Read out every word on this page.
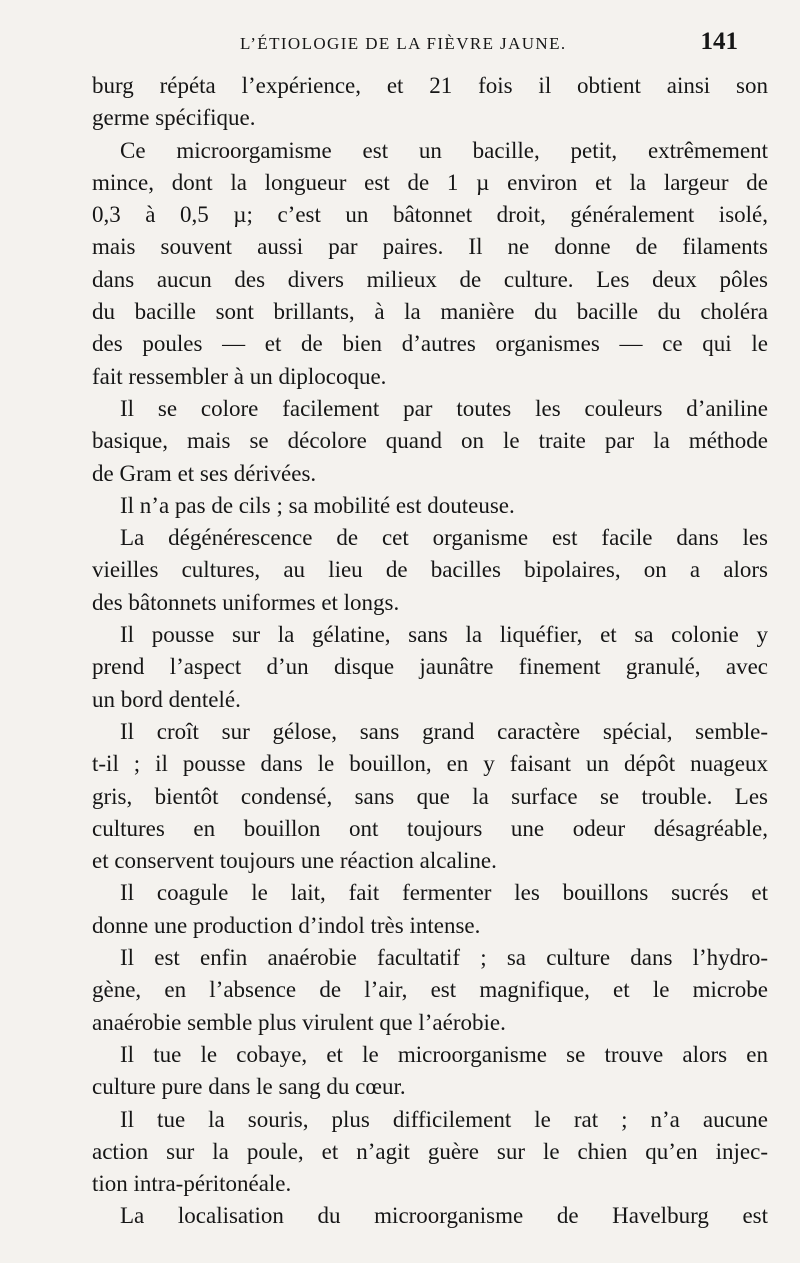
L’ÉTIOLOGIE DE LA FIÈVRE JAUNE.	141
burg répéta l’expérience, et 21 fois il obtient ainsi son
germe spécifique.
Ce microorgamisme est un bacille, petit, extrêmement
mince, dont la longueur est de 1 µ environ et la largeur de
0,3 à 0,5 µ; c’est un bâtonnet droit, généralement isolé,
mais souvent aussi par paires. Il ne donne de filaments
dans aucun des divers milieux de culture. Les deux pôles
du bacille sont brillants, à la manière du bacille du choléra
des poules — et de bien d’autres organismes — ce qui le
fait ressembler à un diplocoque.
Il se colore facilement par toutes les couleurs d’aniline
basique, mais se décolore quand on le traite par la méthode
de Gram et ses dérivées.
Il n’a pas de cils ; sa mobilité est douteuse.
La dégénérescence de cet organisme est facile dans les
vieilles cultures, au lieu de bacilles bipolaires, on a alors
des bâtonnets uniformes et longs.
Il pousse sur la gélatine, sans la liquéfier, et sa colonie y
prend l’aspect d’un disque jaunâtre finement granulé, avec
un bord dentelé.
Il croît sur gélose, sans grand caractère spécial, semble-
t-il ; il pousse dans le bouillon, en y faisant un dépôt nuageux
gris, bientôt condensé, sans que la surface se trouble. Les
cultures en bouillon ont toujours une odeur désagréable,
et conservent toujours une réaction alcaline.
Il coagule le lait, fait fermenter les bouillons sucrés et
donne une production d’indol très intense.
Il est enfin anaérobie facultatif ; sa culture dans l’hydro-
gène, en l’absence de l’air, est magnifique, et le microbe
anaérobie semble plus virulent que l’aérobie.
Il tue le cobaye, et le microorganisme se trouve alors en
culture pure dans le sang du cœur.
Il tue la souris, plus difficilement le rat ; n’a aucune
action sur la poule, et n’agit guère sur le chien qu’en injec-
tion intra-péritonéale.
La localisation du microorganisme de Havelburg est
